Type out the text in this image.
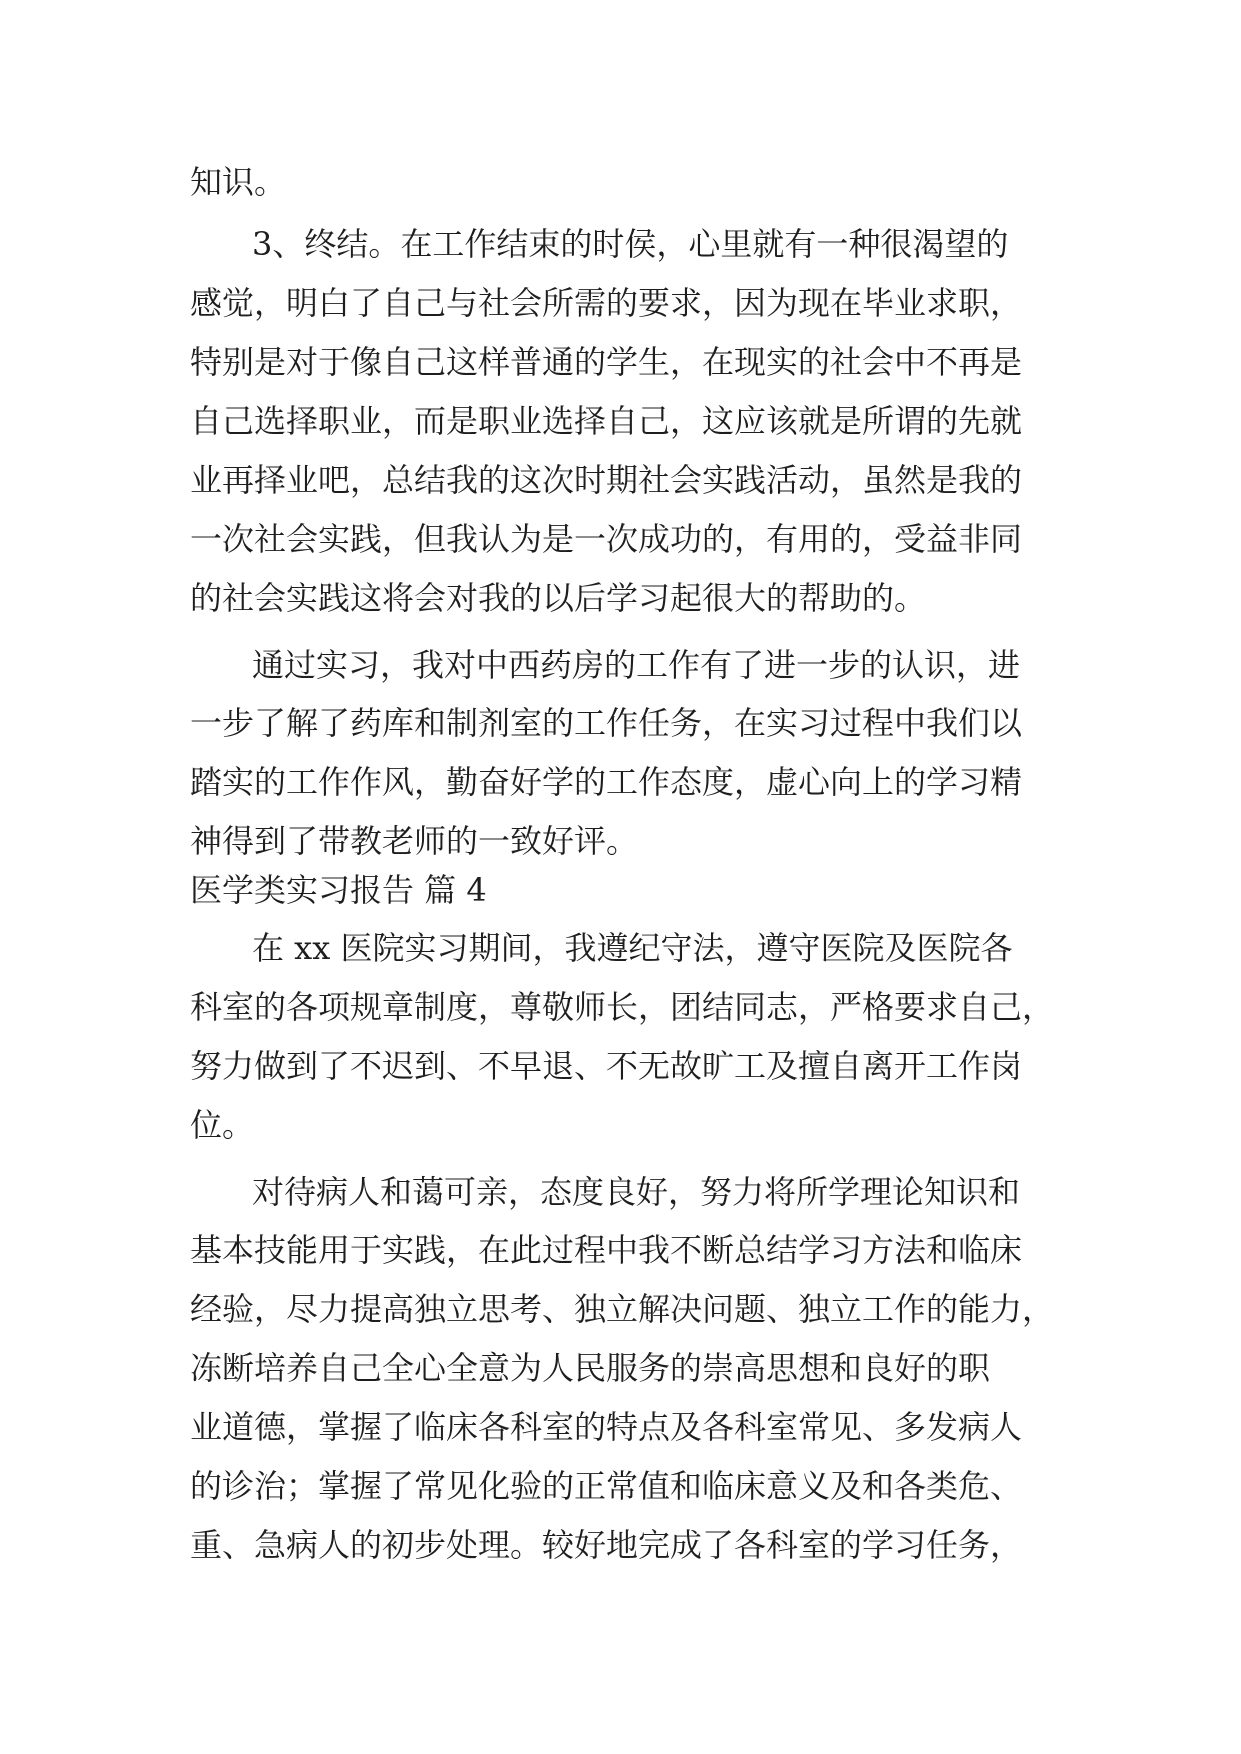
知识。
3、终结。在工作结束的时侯，心里就有一种很渴望的
感觉，明白了自己与社会所需的要求，因为现在毕业求职，
特别是对于像自己这样普通的学生，在现实的社会中不再是
自己选择职业，而是职业选择自己，这应该就是所谓的先就
业再择业吧，总结我的这次时期社会实践活动，虽然是我的
一次社会实践，但我认为是一次成功的，有用的，受益非同
的社会实践这将会对我的以后学习起很大的帮助的。
通过实习，我对中西药房的工作有了进一步的认识，进
一步了解了药库和制剂室的工作任务，在实习过程中我们以
踏实的工作作风，勤奋好学的工作态度，虚心向上的学习精
神得到了带教老师的一致好评。
医学类实习报告 篇 4
在 xx 医院实习期间，我遵纪守法，遵守医院及医院各
科室的各项规章制度，尊敬师长，团结同志，严格要求自己，
努力做到了不迟到、不早退、不无故旷工及擅自离开工作岗
位。
对待病人和蔼可亲，态度良好，努力将所学理论知识和
基本技能用于实践，在此过程中我不断总结学习方法和临床
经验，尽力提高独立思考、独立解决问题、独立工作的能力，
冻断培养自己全心全意为人民服务的崇高思想和良好的职
业道德，掌握了临床各科室的特点及各科室常见、多发病人
的诊治；掌握了常见化验的正常值和临床意义及和各类危、
重、急病人的初步处理。较好地完成了各科室的学习任务，
